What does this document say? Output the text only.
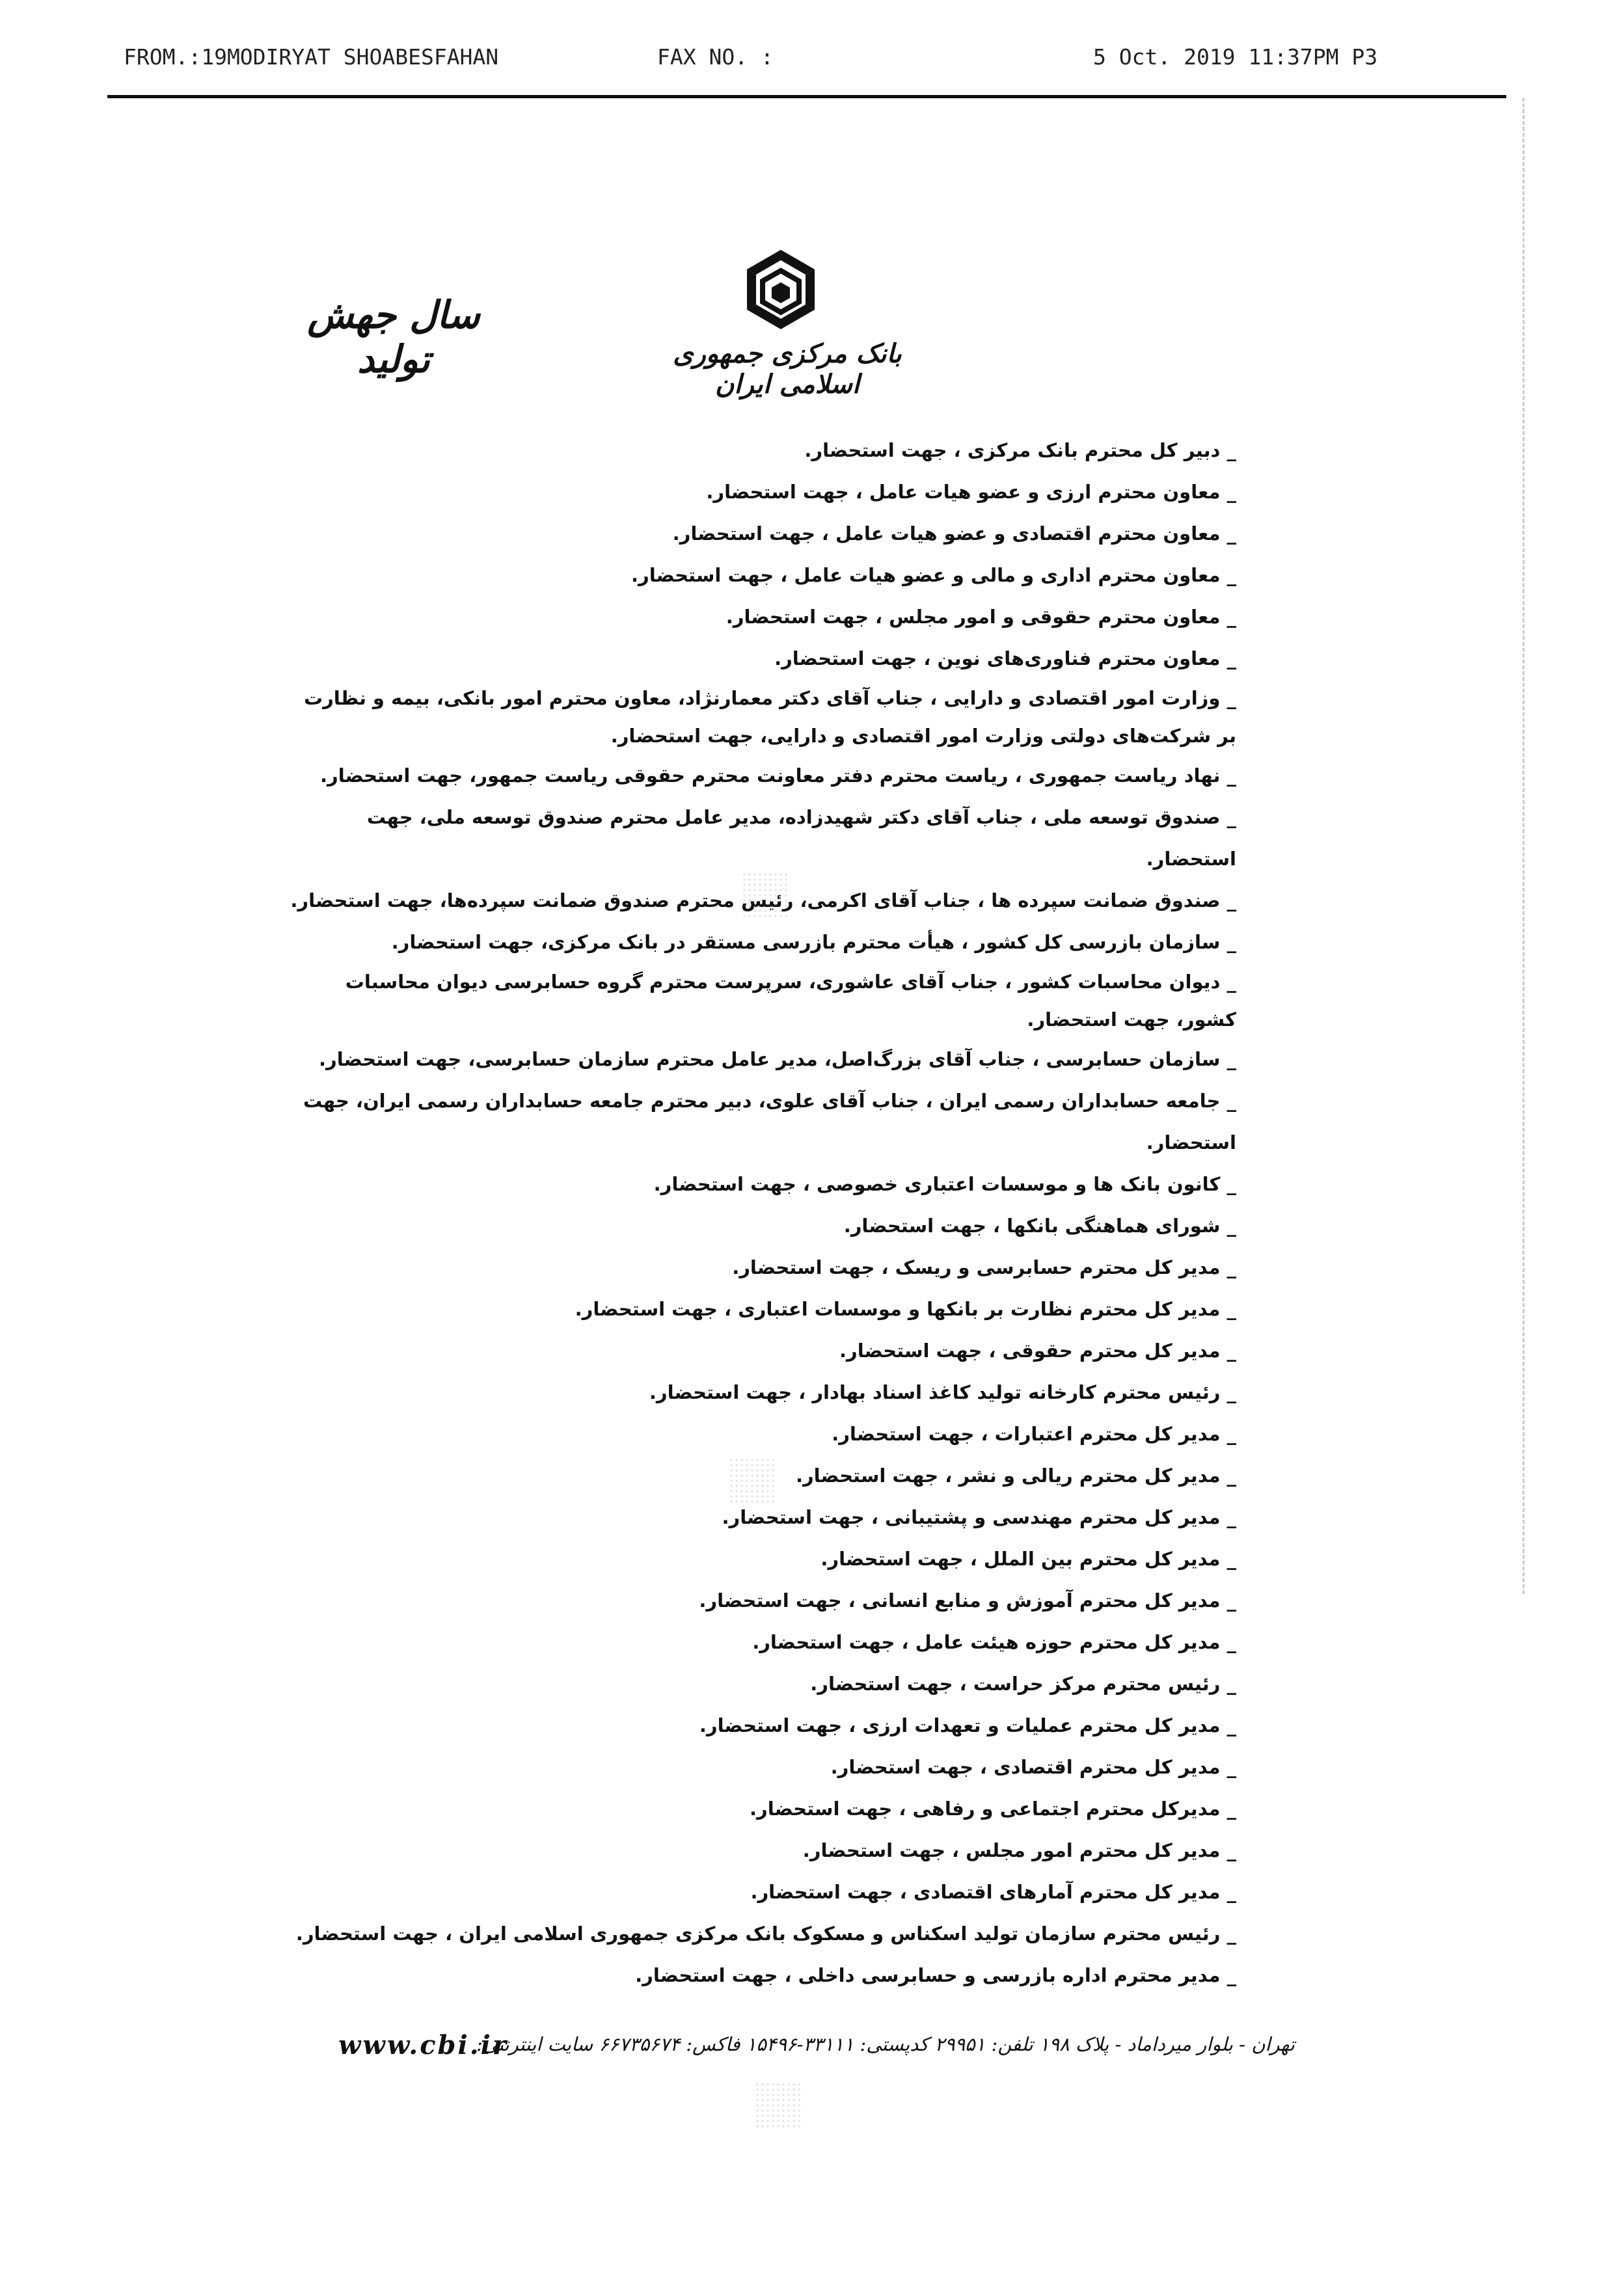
FROM.:19MODIRYAT SHOABESFAHAN	FAX NO. :	5 Oct. 2019 11:37PM P3
بانک مرکزی جمهوری اسلامی ایران
سال جهش تولید
_ دبیر کل محترم بانک مرکزی ، جهت استحضار.
_ معاون محترم ارزی و عضو هیات عامل ، جهت استحضار.
_ معاون محترم اقتصادی و عضو هیات عامل ، جهت استحضار.
_ معاون محترم اداری و مالی و عضو هیات عامل ، جهت استحضار.
_ معاون محترم حقوقی و امور مجلس ، جهت استحضار.
_ معاون محترم فناوری‌های نوین ، جهت استحضار.
_ وزارت امور اقتصادی و دارایی ، جناب آقای دکتر معمارنژاد، معاون محترم امور بانکی، بیمه و نظارت بر شرکت‌های دولتی وزارت امور اقتصادی و دارایی، جهت استحضار.
_ نهاد ریاست جمهوری ، ریاست محترم دفتر معاونت محترم حقوقی ریاست جمهور، جهت استحضار.
_ صندوق توسعه ملی ، جناب آقای دکتر شهیدزاده، مدیر عامل محترم صندوق توسعه ملی، جهت استحضار.
_ صندوق ضمانت سپرده ها ، جناب آقای اکرمی، رئیس محترم صندوق ضمانت سپرده‌ها، جهت استحضار.
_ سازمان بازرسی کل کشور ، هیأت محترم بازرسی مستقر در بانک مرکزی، جهت استحضار.
_ دیوان محاسبات کشور ، جناب آقای عاشوری، سرپرست محترم گروه حسابرسی دیوان محاسبات کشور، جهت استحضار.
_ سازمان حسابرسی ، جناب آقای بزرگ‌اصل، مدیر عامل محترم سازمان حسابرسی، جهت استحضار.
_ جامعه حسابداران رسمی ایران ، جناب آقای علوی، دبیر محترم جامعه حسابداران رسمی ایران، جهت استحضار.
_ کانون بانک ها و موسسات اعتباری خصوصی ، جهت استحضار.
_ شورای هماهنگی بانکها ، جهت استحضار.
_ مدیر کل محترم حسابرسی و ریسک ، جهت استحضار.
_ مدیر کل محترم نظارت بر بانکها و موسسات اعتباری ، جهت استحضار.
_ مدیر کل محترم حقوقی ، جهت استحضار.
_ رئیس محترم کارخانه تولید کاغذ اسناد بهادار ، جهت استحضار.
_ مدیر کل محترم اعتبارات ، جهت استحضار.
_ مدیر کل محترم ریالی و نشر ، جهت استحضار.
_ مدیر کل محترم مهندسی و پشتیبانی ، جهت استحضار.
_ مدیر کل محترم بین الملل ، جهت استحضار.
_ مدیر کل محترم آموزش و منابع انسانی ، جهت استحضار.
_ مدیر کل محترم حوزه هیئت عامل ، جهت استحضار.
_ رئیس محترم مرکز حراست ، جهت استحضار.
_ مدیر کل محترم عملیات و تعهدات ارزی ، جهت استحضار.
_ مدیر کل محترم اقتصادی ، جهت استحضار.
_ مدیرکل محترم اجتماعی و رفاهی ، جهت استحضار.
_ مدیر کل محترم امور مجلس ، جهت استحضار.
_ مدیر کل محترم آمارهای اقتصادی ، جهت استحضار.
_ رئیس محترم سازمان تولید اسکناس و مسکوک بانک مرکزی جمهوری اسلامی ایران ، جهت استحضار.
_ مدیر محترم اداره بازرسی و حسابرسی داخلی ، جهت استحضار.
www.cbi.ir
تهران - بلوار میرداماد - پلاک ۱۹۸ تلفن: ۲۹۹۵۱ کدپستی: ۳۳۱۱۱-۱۵۴۹۶ فاکس: ۶۶۷۳۵۶۷۴ سایت اینترنتی:
